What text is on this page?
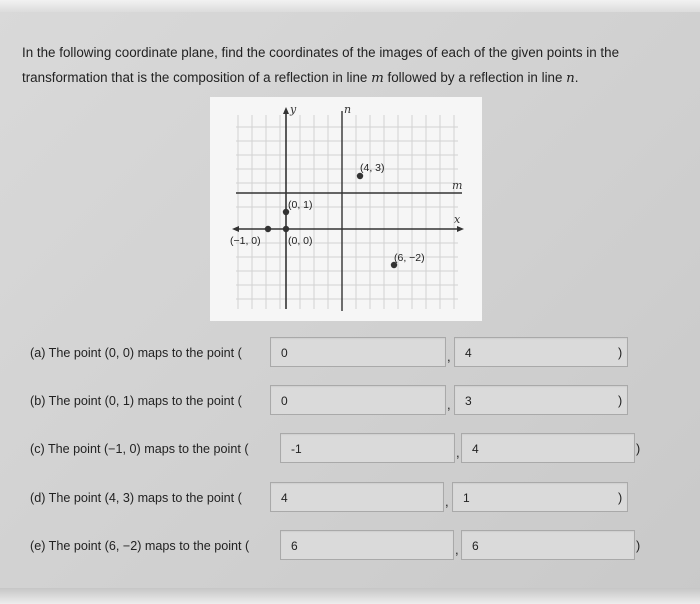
In the following coordinate plane, find the coordinates of the images of each of the given points in the
transformation that is the composition of a reflection in line m followed by a reflection in line n.
y	n
m
x
(4, 3)
(0, 1)
(−1, 0)	(0, 0)
(6, −2)
(a) The point (0, 0) maps to the point (	0	,	4	)
(b) The point (0, 1) maps to the point (	0	,	3	)
(c) The point (−1, 0) maps to the point (	-1	,	4	)
(d) The point (4, 3) maps to the point (	4	,	1	)
(e) The point (6, −2) maps to the point (	6	,	6	)
